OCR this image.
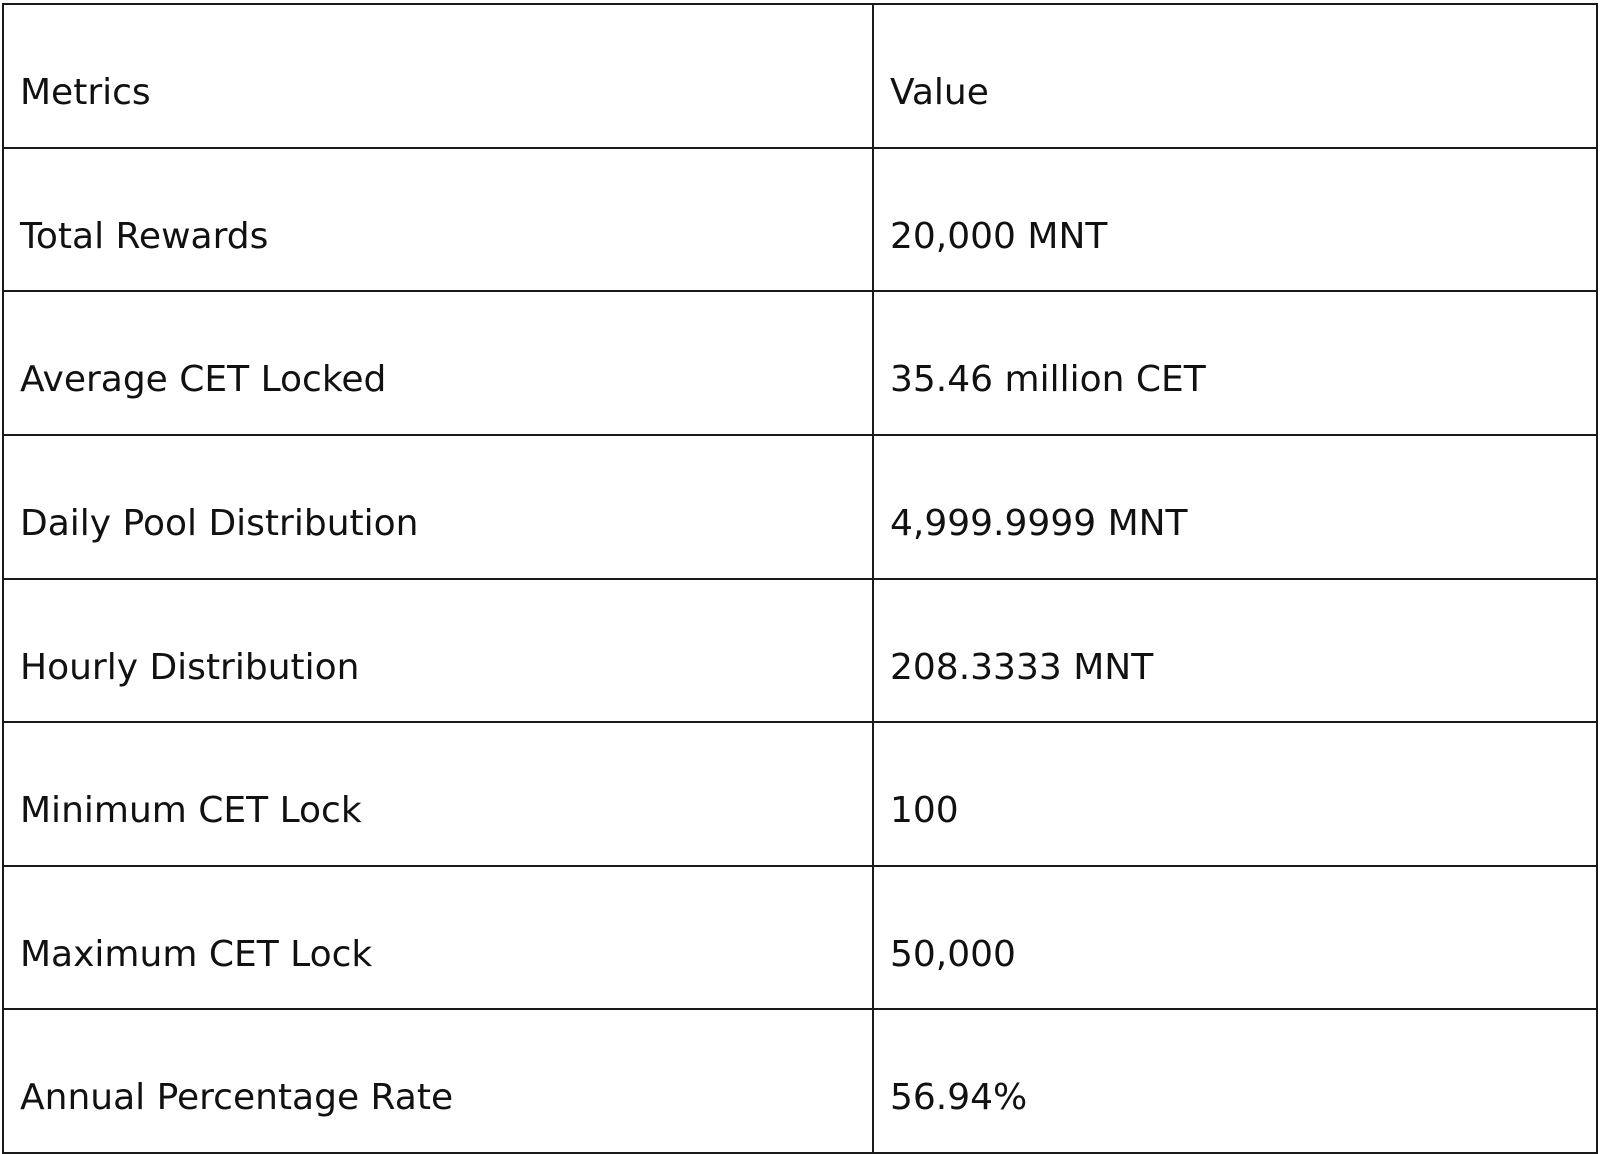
Metrics	Value

Total Rewards	20,000 MNT

Average CET Locked	35.46 million CET

Daily Pool Distribution	4,999.9999 MNT

Hourly Distribution	208.3333 MNT

Minimum CET Lock	100

Maximum CET Lock	50,000

Annual Percentage Rate	56.94%
